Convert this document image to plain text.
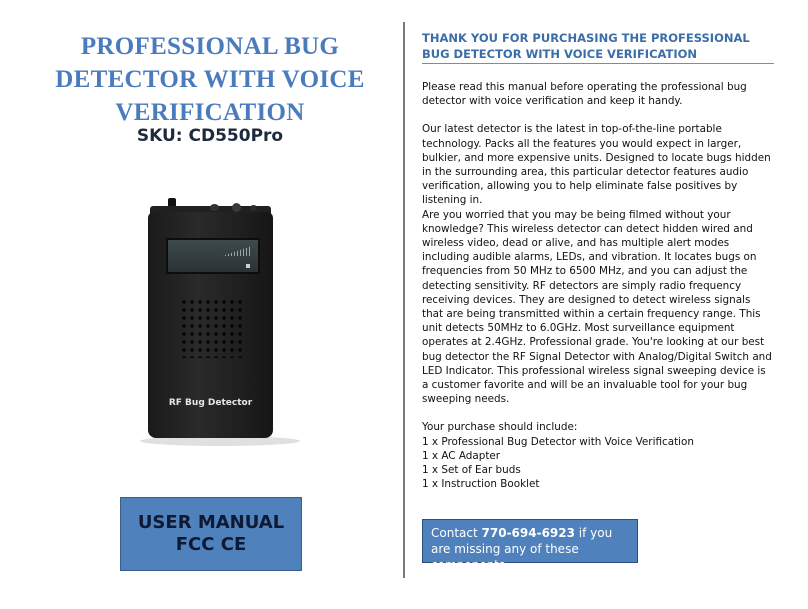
PROFESSIONAL BUG DETECTOR WITH VOICE VERIFICATION
SKU: CD550Pro
RF Bug Detector
USER MANUAL
FCC CE
THANK YOU FOR PURCHASING THE PROFESSIONAL BUG DETECTOR WITH VOICE VERIFICATION

Please read this manual before operating the professional bug detector with voice verification and keep it handy.

Our latest detector is the latest in top-of-the-line portable technology. Packs all the features you would expect in larger, bulkier, and more expensive units. Designed to locate bugs hidden in the surrounding area, this particular detector features audio verification, allowing you to help eliminate false positives by listening in.

Are you worried that you may be being filmed without your knowledge? This wireless detector can detect hidden wired and wireless video, dead or alive, and has multiple alert modes including audible alarms, LEDs, and vibration. It locates bugs on frequencies from 50 MHz to 6500 MHz, and you can adjust the detecting sensitivity. RF detectors are simply radio frequency receiving devices. They are designed to detect wireless signals that are being transmitted within a certain frequency range. This unit detects 50MHz to 6.0GHz. Most surveillance equipment operates at 2.4GHz. Professional grade. You're looking at our best bug detector the RF Signal Detector with Analog/Digital Switch and LED Indicator. This professional wireless signal sweeping device is a customer favorite and will be an invaluable tool for your bug sweeping needs.

Your purchase should include:

1 x Professional Bug Detector with Voice Verification
1 x AC Adapter
1 x Set of Ear buds
1 x Instruction Booklet
Contact 770-694-6923 if you are missing any of these components.
